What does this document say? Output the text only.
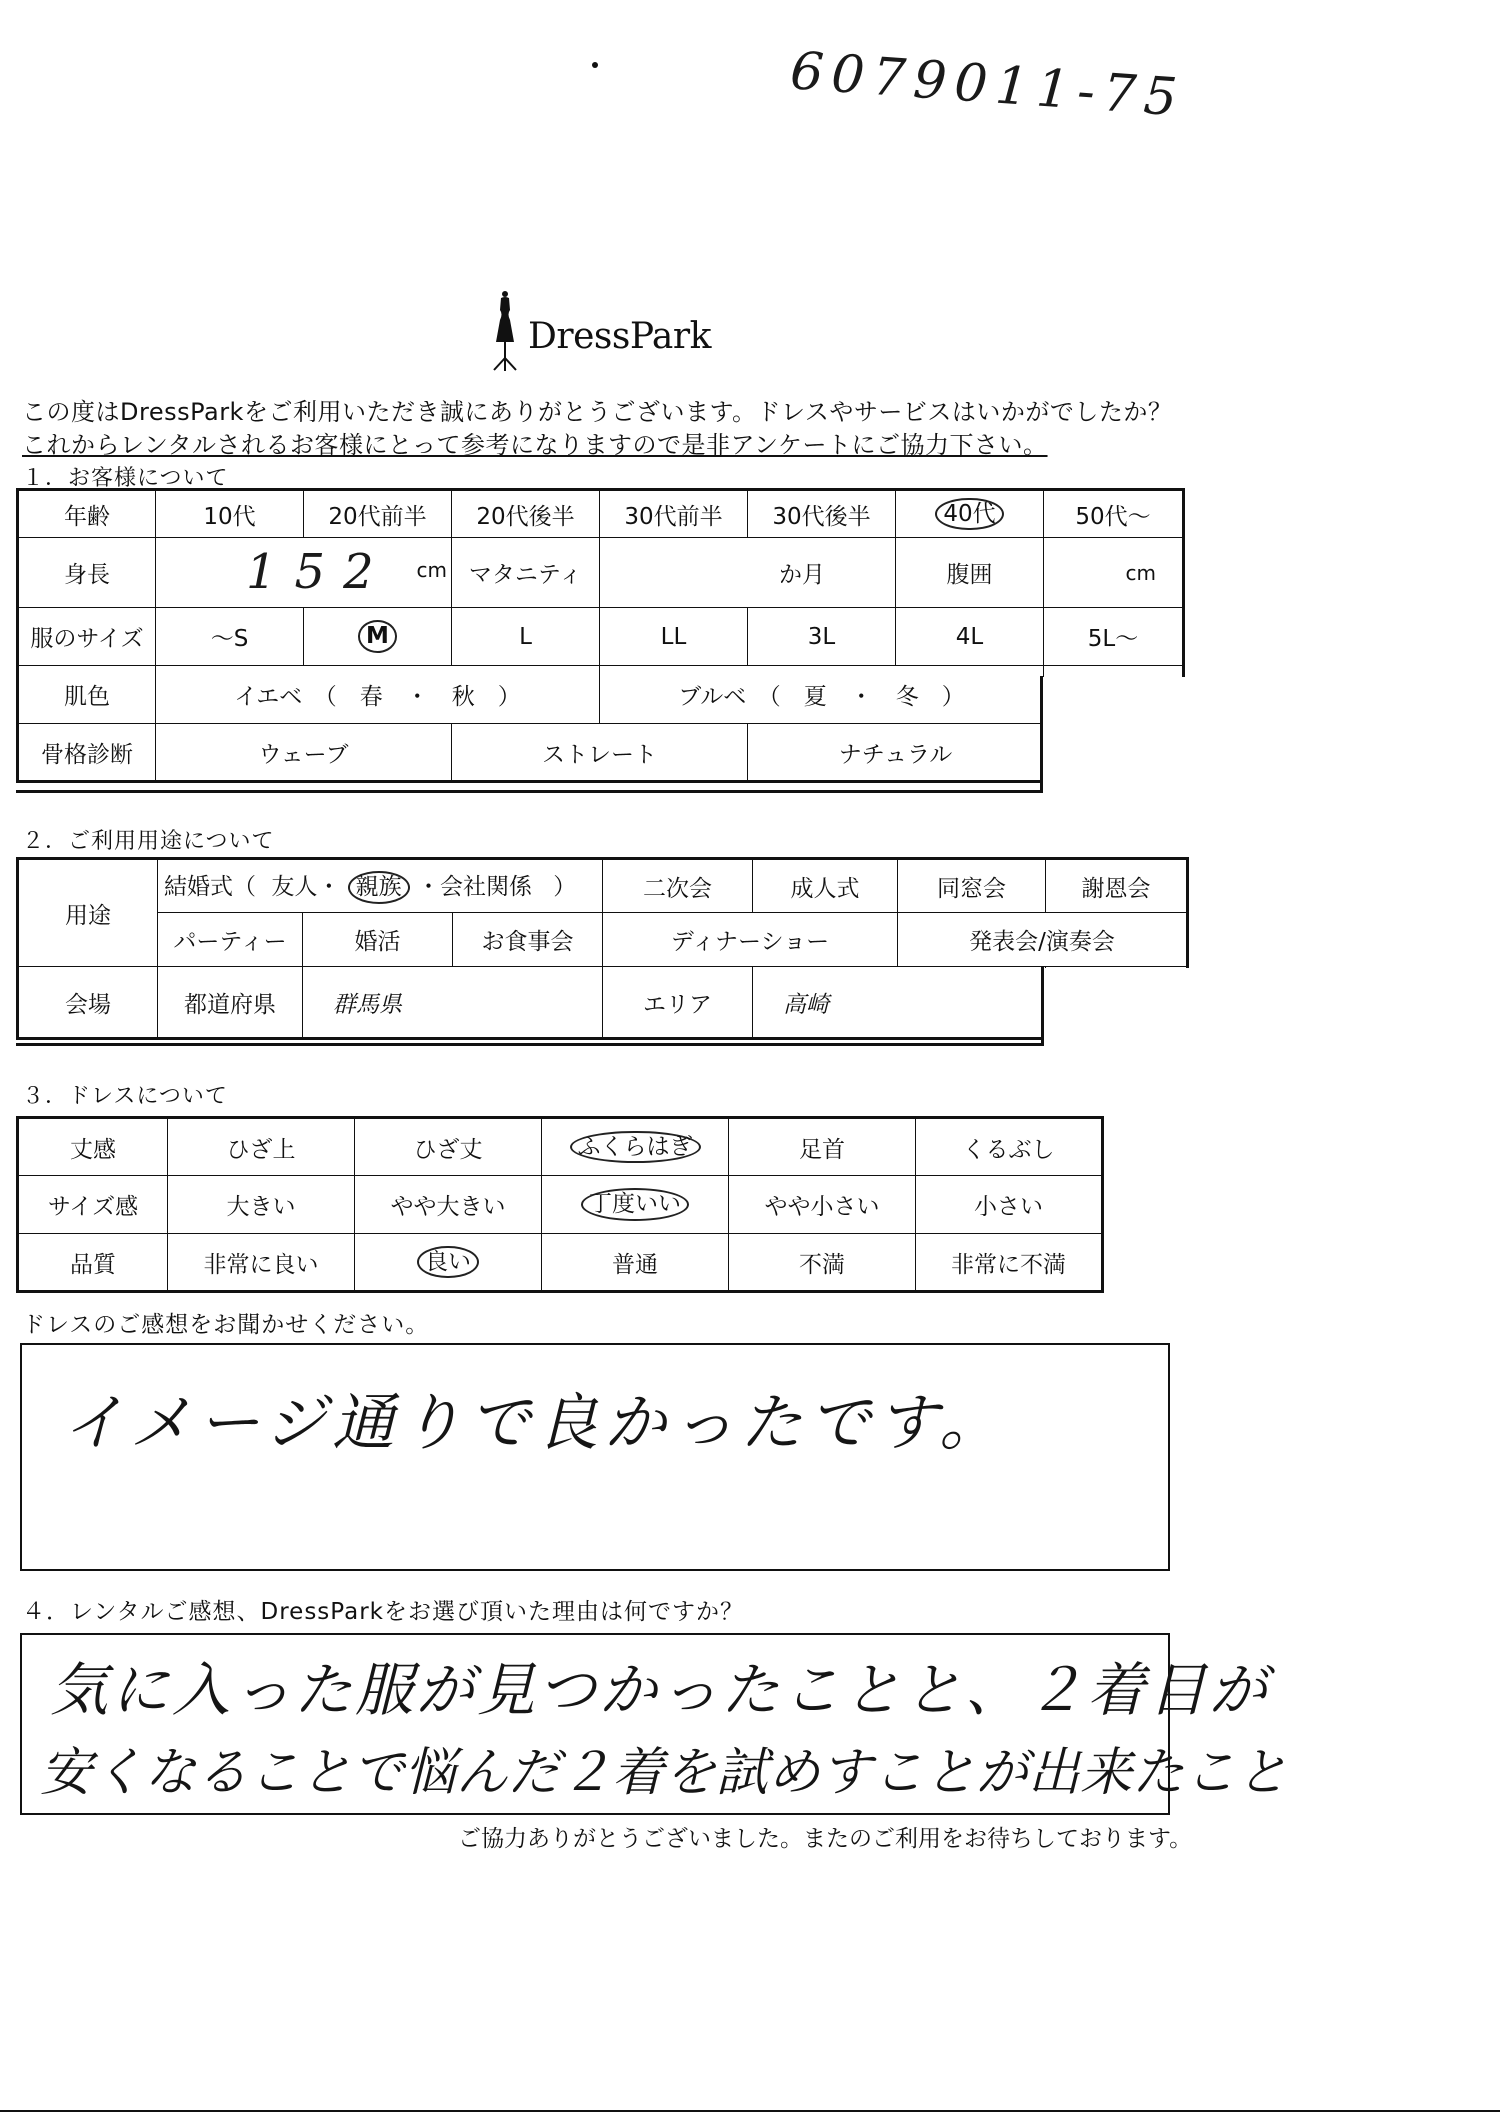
6079011-75
DressPark
この度はDressParkをご利用いただき誠にありがとうございます。ドレスやサービスはいかがでしたか？
これからレンタルされるお客様にとって参考になりますので是非アンケートにご協力下さい。
１．お客様について
年齢	10代	20代前半	20代後半	30代前半	30代後半	40代	50代〜
身長	152 cm		マタニティ	か月		腹囲	cm
服のサイズ	〜S	M	L	LL	3L	4L	5L〜
肌色	イエベ　（　春　・　秋　）			ブルベ　（　夏　・　冬　）			
骨格診断	ウェーブ		ストレート		ナチュラル		
２．ご利用用途について
用途	結婚式（ 友人・ 親族 ・会社関係 ）			二次会	成人式	同窓会	謝恩会
	パーティー	婚活	お食事会	ディナーショー		発表会/演奏会	
会場	都道府県	群馬県		エリア	高崎		
３．ドレスについて
丈感	ひざ上	ひざ丈	ふくらはぎ	足首	くるぶし
サイズ感	大きい	やや大きい	丁度いい	やや小さい	小さい
品質	非常に良い	良い	普通	不満	非常に不満
ドレスのご感想をお聞かせください。
イメージ通りで良かったです。
４．レンタルご感想、DressParkをお選び頂いた理由は何ですか？
気に入った服が見つかったことと、２着目が
安くなることで悩んだ２着を試めすことが出来たこと
ご協力ありがとうございました。またのご利用をお待ちしております。
